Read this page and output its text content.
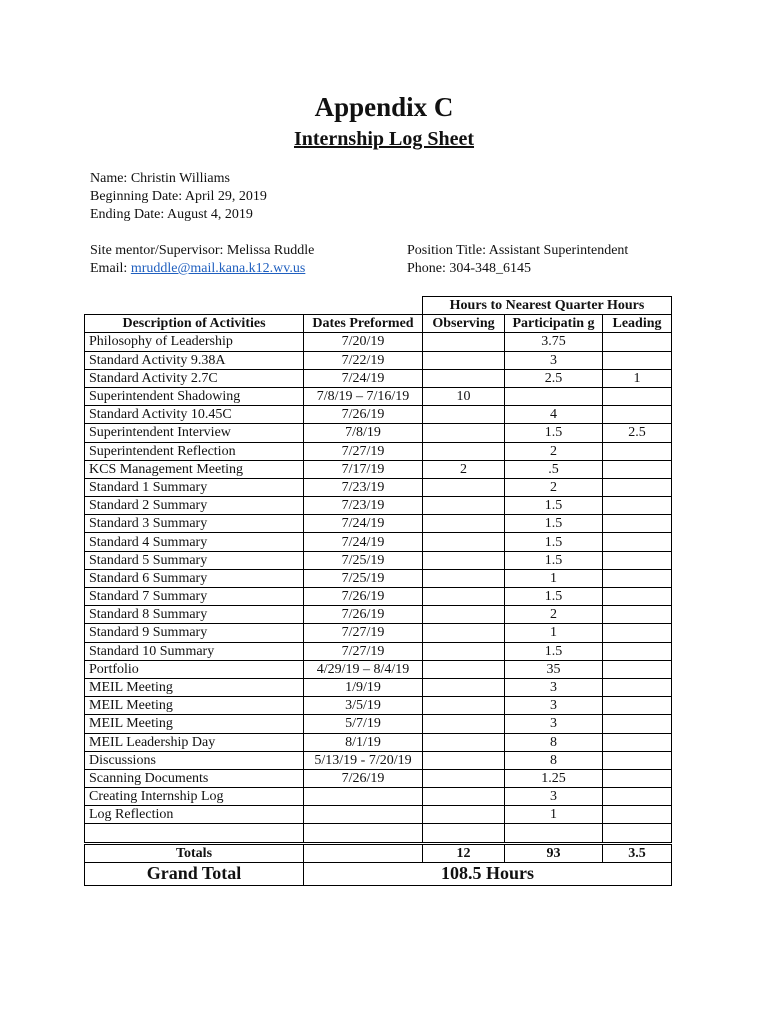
Appendix C
Internship Log Sheet
Name: Christin Williams
Beginning Date: April 29, 2019
Ending Date: August 4, 2019
Site mentor/Supervisor: Melissa Ruddle
Email: mruddle@mail.kana.k12.wv.us
Position Title: Assistant Superintendent
Phone: 304-348_6145
		Hours to Nearest Quarter Hours		
Description of Activities	Dates Preformed	Observing	Participatin g	Leading
Philosophy of Leadership	7/20/19		3.75	
Standard Activity 9.38A	7/22/19		3	
Standard Activity 2.7C	7/24/19		2.5	1
Superintendent Shadowing	7/8/19 – 7/16/19	10		
Standard Activity 10.45C	7/26/19		4	
Superintendent Interview	7/8/19		1.5	2.5
Superintendent Reflection	7/27/19		2	
KCS Management Meeting	7/17/19	2	.5	
Standard 1 Summary	7/23/19		2	
Standard 2 Summary	7/23/19		1.5	
Standard 3 Summary	7/24/19		1.5	
Standard 4 Summary	7/24/19		1.5	
Standard 5 Summary	7/25/19		1.5	
Standard 6 Summary	7/25/19		1	
Standard 7 Summary	7/26/19		1.5	
Standard 8 Summary	7/26/19		2	
Standard 9 Summary	7/27/19		1	
Standard 10 Summary	7/27/19		1.5	
Portfolio	4/29/19 – 8/4/19		35	
MEIL Meeting	1/9/19		3	
MEIL Meeting	3/5/19		3	
MEIL Meeting	5/7/19		3	
MEIL Leadership Day	8/1/19		8	
Discussions	5/13/19 - 7/20/19		8	
Scanning Documents	7/26/19		1.25	
Creating Internship Log			3	
Log Reflection			1	

Totals		12	93	3.5
Grand Total	108.5 Hours			
